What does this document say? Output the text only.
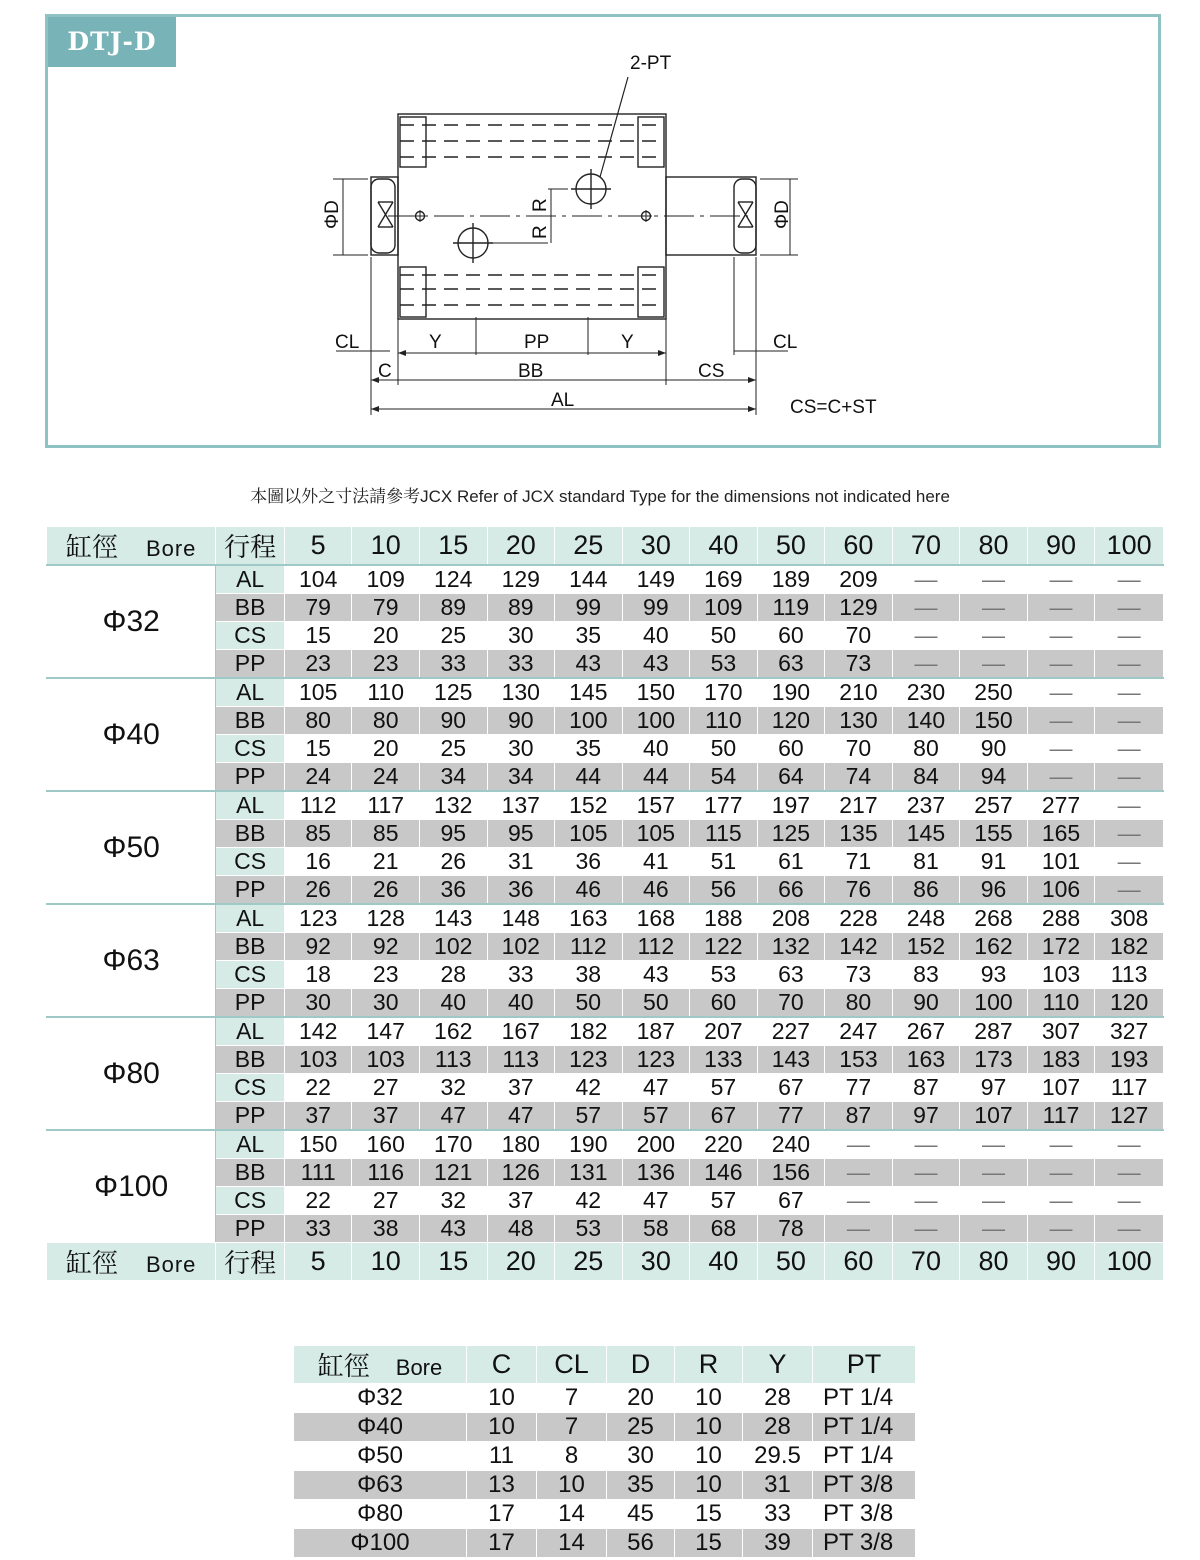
2-PT
ΦD	ΦD
R
R
CL	CL
Y	PP	Y
C	BB	CS
AL	CS=C+ST
DTJ-D
本圖以外之寸法請參考JCX Refer of JCX standard Type for the dimensions not indicated here
缸徑 Bore	行程	5	10	15	20	25	30	40	50	60	70	80	90	100
Φ32	AL	104	109	124	129	144	149	169	189	209	—	—	—	—
	BB	79	79	89	89	99	99	109	119	129	—	—	—	—
	CS	15	20	25	30	35	40	50	60	70	—	—	—	—
	PP	23	23	33	33	43	43	53	63	73	—	—	—	—
Φ40	AL	105	110	125	130	145	150	170	190	210	230	250	—	—
	BB	80	80	90	90	100	100	110	120	130	140	150	—	—
	CS	15	20	25	30	35	40	50	60	70	80	90	—	—
	PP	24	24	34	34	44	44	54	64	74	84	94	—	—
Φ50	AL	112	117	132	137	152	157	177	197	217	237	257	277	—
	BB	85	85	95	95	105	105	115	125	135	145	155	165	—
	CS	16	21	26	31	36	41	51	61	71	81	91	101	—
	PP	26	26	36	36	46	46	56	66	76	86	96	106	—
Φ63	AL	123	128	143	148	163	168	188	208	228	248	268	288	308
	BB	92	92	102	102	112	112	122	132	142	152	162	172	182
	CS	18	23	28	33	38	43	53	63	73	83	93	103	113
	PP	30	30	40	40	50	50	60	70	80	90	100	110	120
Φ80	AL	142	147	162	167	182	187	207	227	247	267	287	307	327
	BB	103	103	113	113	123	123	133	143	153	163	173	183	193
	CS	22	27	32	37	42	47	57	67	77	87	97	107	117
	PP	37	37	47	47	57	57	67	77	87	97	107	117	127
Φ100	AL	150	160	170	180	190	200	220	240	—	—	—	—	—
	BB	111	116	121	126	131	136	146	156	—	—	—	—	—
	CS	22	27	32	37	42	47	57	67	—	—	—	—	—
	PP	33	38	43	48	53	58	68	78	—	—	—	—	—
缸徑 Bore	行程	5	10	15	20	25	30	40	50	60	70	80	90	100
缸徑 Bore	C	CL	D	R	Y	PT
Φ32	10	7	20	10	28	PT 1/4
Φ40	10	7	25	10	28	PT 1/4
Φ50	11	8	30	10	29.5	PT 1/4
Φ63	13	10	35	10	31	PT 3/8
Φ80	17	14	45	15	33	PT 3/8
Φ100	17	14	56	15	39	PT 3/8
